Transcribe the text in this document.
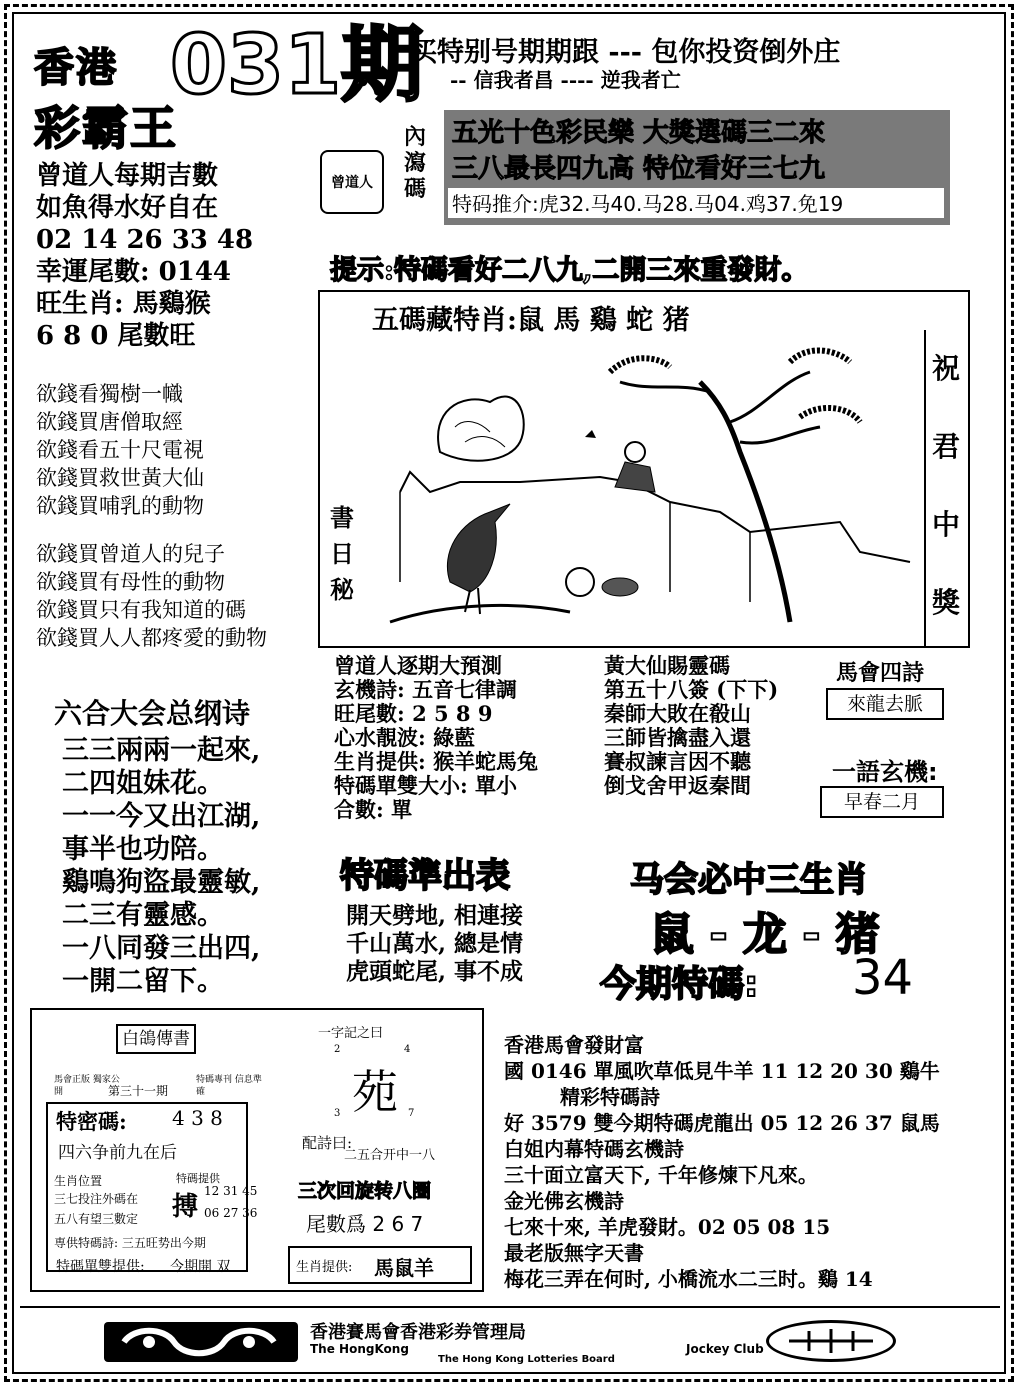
香港 031期
彩霸王
买特别号期期跟 --- 包你投资倒外庄
-- 信我者昌 ---- 逆我者亡
曾道人每期吉數
如魚得水好自在
02 14 26 33 48
幸運尾數: 0144
旺生肖: 馬鷄猴
6 8 0 尾數旺
欲錢看獨樹一幟
欲錢買唐僧取經
欲錢看五十尺電視
欲錢買救世黃大仙
欲錢買哺乳的動物
欲錢買曾道人的兒子
欲錢買有母性的動物
欲錢買只有我知道的碼
欲錢買人人都疼愛的動物
六合大会总纲诗
三三兩兩一起來,
二四姐妹花。
一一今又出江湖,
事半也功陪。
鷄鳴狗盜最靈敏,
二三有靈感。
一八同發三出四,
一開二留下。
曾道人
內瀉碼
五光十色彩民樂 大獎選碼三二來
三八最長四九高 特位看好三七九
特码推介:虎32.马40.马28.马04.鸡37.免19
提示:特碼看好二八九,二開三來重發財。
五碼藏特肖:鼠 馬 鷄 蛇 猪
書日秘
祝君中獎
曾道人逐期大預測
玄機詩: 五音七律調
旺尾數: 2 5 8 9
心水靚波: 綠藍
生肖提供: 猴羊蛇馬兔
特碼單雙大小: 單小
合數: 單
黃大仙賜靈碼
第五十八簽 (下下)
秦師大敗在殽山
三師皆擒盡入還
賽叔諫言因不聽
倒戈舍甲返秦間
馬會四詩
來龍去脈
一語玄機:
早春二月
特碼準出表
開天劈地, 相連接
千山萬水, 總是情
虎頭蛇尾, 事不成
马会必中三生肖
鼠 - 龙 - 猪
今期特碼: 34
白鴿傳書
馬會正版 獨家公開
特碼專刊 信息準確
第三十一期
特密碼: 4 3 8
四六争前九在后
生肖位置
三七投注外碼在
五八有望三數定
専供特碼詩: 三五旺势出今期
特碼提供
搏
12 31 45
06 27 36
特碼單雙提供: 今期開 双
一字記之曰
2	4
苑
3	7
配詩曰:
二五合开中一八
三次回旋转八圈
尾數爲 2 6 7
生肖提供: 馬鼠羊
香港馬會發財富
國 0146 單風吹草低見牛羊 11 12 20 30 鷄牛
精彩特碼詩
好 3579 雙今期特碼虎龍出 05 12 26 37 鼠馬
白姐内幕特碼玄機詩
三十面立富天下, 千年修煉下凡來。
金光佛玄機詩
七來十來, 羊虎發財。02 05 08 15
最老版無字天書
梅花三弄在何时, 小橋流水二三时。鷄 14
香港賽馬會香港彩券管理局
The HongKong	Jockey Club
The Hong Kong Lotteries Board
